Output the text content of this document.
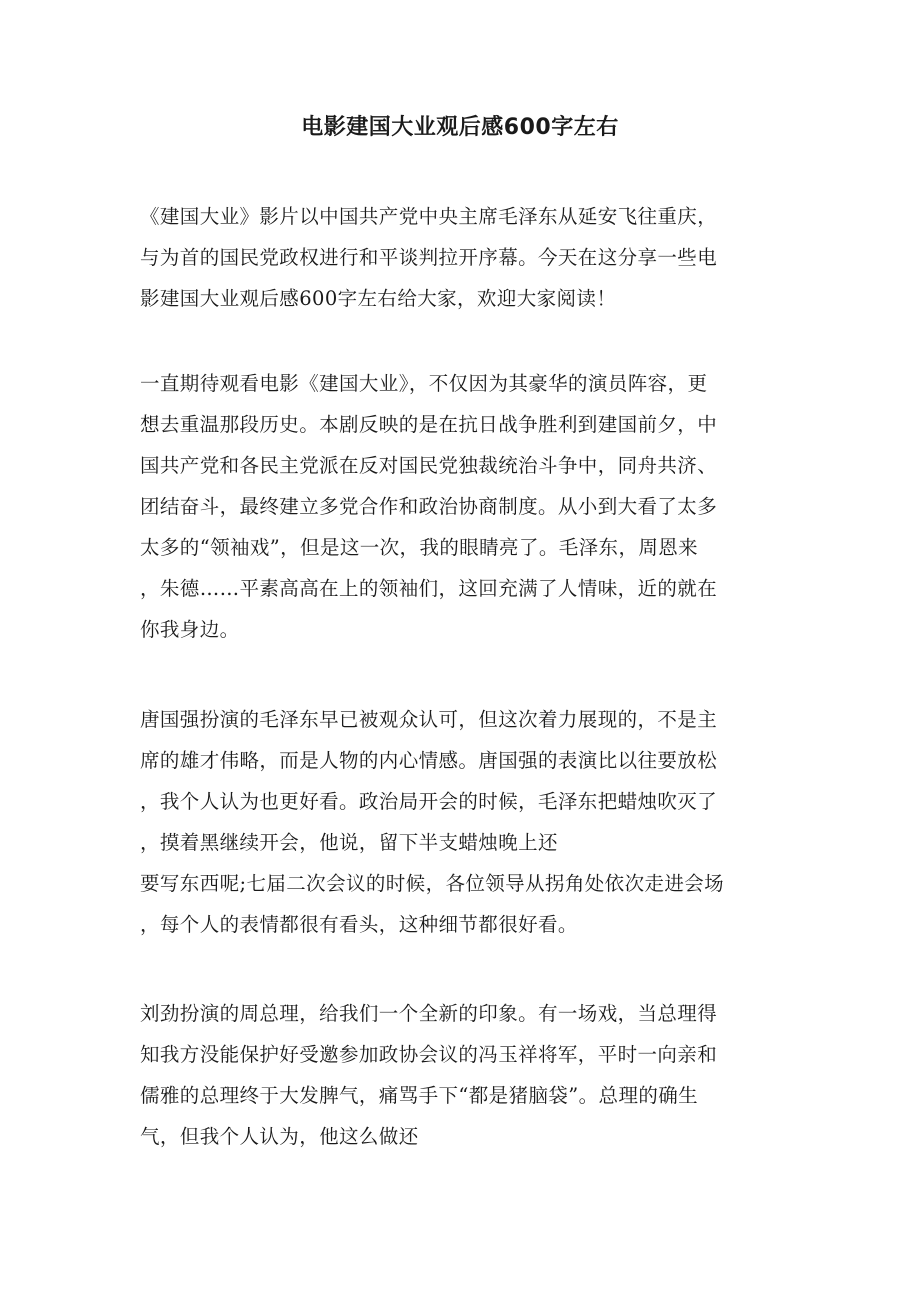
电影建国大业观后感600字左右
《建国大业》影片以中国共产党中央主席毛泽东从延安飞往重庆，
与为首的国民党政权进行和平谈判拉开序幕。今天在这分享一些电
影建国大业观后感600字左右给大家，欢迎大家阅读！
一直期待观看电影《建国大业》，不仅因为其豪华的演员阵容，更
想去重温那段历史。本剧反映的是在抗日战争胜利到建国前夕，中
国共产党和各民主党派在反对国民党独裁统治斗争中，同舟共济、
团结奋斗，最终建立多党合作和政治协商制度。从小到大看了太多
太多的“领袖戏”，但是这一次，我的眼睛亮了。毛泽东，周恩来
，朱德……平素高高在上的领袖们，这回充满了人情味，近的就在
你我身边。
唐国强扮演的毛泽东早已被观众认可，但这次着力展现的，不是主
席的雄才伟略，而是人物的内心情感。唐国强的表演比以往要放松
，我个人认为也更好看。政治局开会的时候，毛泽东把蜡烛吹灭了
，摸着黑继续开会，他说，留下半支蜡烛晚上还
要写东西呢;七届二次会议的时候，各位领导从拐角处依次走进会场
，每个人的表情都很有看头，这种细节都很好看。
刘劲扮演的周总理，给我们一个全新的印象。有一场戏，当总理得
知我方没能保护好受邀参加政协会议的冯玉祥将军，平时一向亲和
儒雅的总理终于大发脾气，痛骂手下“都是猪脑袋”。总理的确生
气，但我个人认为，他这么做还
